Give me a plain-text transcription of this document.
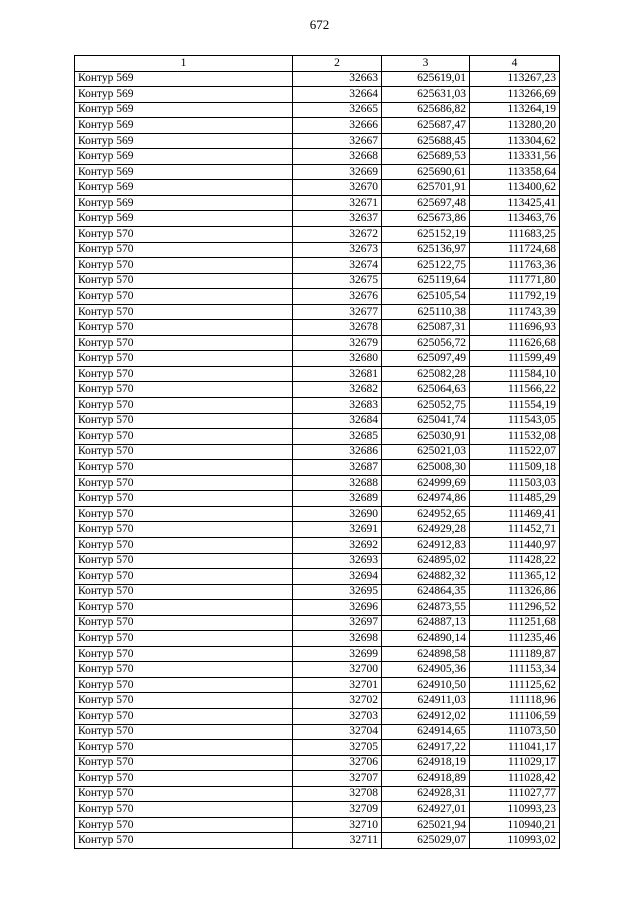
672
1	2	3	4
Контур 569	32663	625619,01	113267,23
Контур 569	32664	625631,03	113266,69
Контур 569	32665	625686,82	113264,19
Контур 569	32666	625687,47	113280,20
Контур 569	32667	625688,45	113304,62
Контур 569	32668	625689,53	113331,56
Контур 569	32669	625690,61	113358,64
Контур 569	32670	625701,91	113400,62
Контур 569	32671	625697,48	113425,41
Контур 569	32637	625673,86	113463,76
Контур 570	32672	625152,19	111683,25
Контур 570	32673	625136,97	111724,68
Контур 570	32674	625122,75	111763,36
Контур 570	32675	625119,64	111771,80
Контур 570	32676	625105,54	111792,19
Контур 570	32677	625110,38	111743,39
Контур 570	32678	625087,31	111696,93
Контур 570	32679	625056,72	111626,68
Контур 570	32680	625097,49	111599,49
Контур 570	32681	625082,28	111584,10
Контур 570	32682	625064,63	111566,22
Контур 570	32683	625052,75	111554,19
Контур 570	32684	625041,74	111543,05
Контур 570	32685	625030,91	111532,08
Контур 570	32686	625021,03	111522,07
Контур 570	32687	625008,30	111509,18
Контур 570	32688	624999,69	111503,03
Контур 570	32689	624974,86	111485,29
Контур 570	32690	624952,65	111469,41
Контур 570	32691	624929,28	111452,71
Контур 570	32692	624912,83	111440,97
Контур 570	32693	624895,02	111428,22
Контур 570	32694	624882,32	111365,12
Контур 570	32695	624864,35	111326,86
Контур 570	32696	624873,55	111296,52
Контур 570	32697	624887,13	111251,68
Контур 570	32698	624890,14	111235,46
Контур 570	32699	624898,58	111189,87
Контур 570	32700	624905,36	111153,34
Контур 570	32701	624910,50	111125,62
Контур 570	32702	624911,03	111118,96
Контур 570	32703	624912,02	111106,59
Контур 570	32704	624914,65	111073,50
Контур 570	32705	624917,22	111041,17
Контур 570	32706	624918,19	111029,17
Контур 570	32707	624918,89	111028,42
Контур 570	32708	624928,31	111027,77
Контур 570	32709	624927,01	110993,23
Контур 570	32710	625021,94	110940,21
Контур 570	32711	625029,07	110993,02
